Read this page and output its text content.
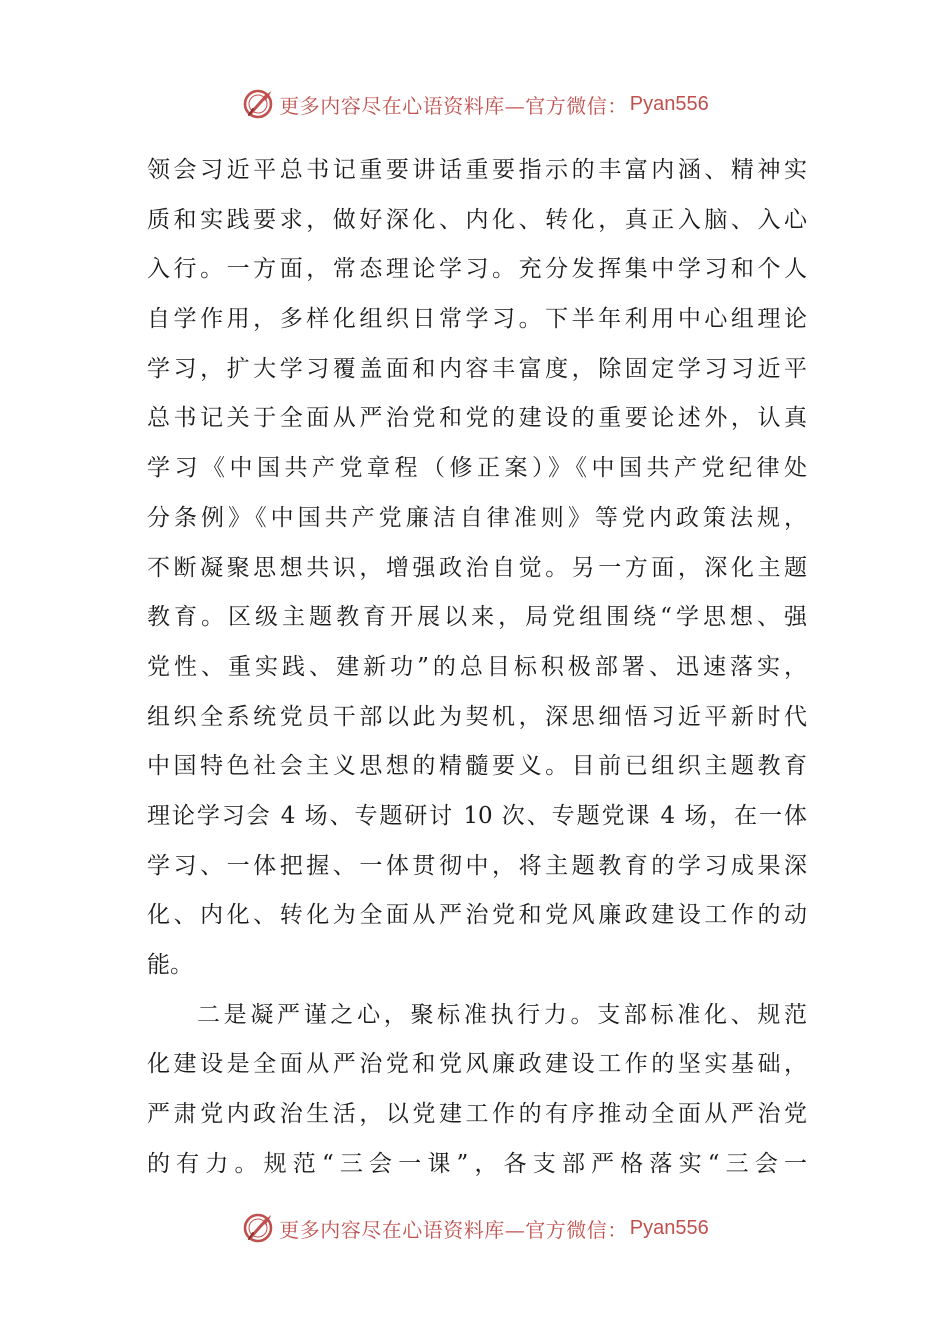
更多内容尽在心语资料库—官方微信： Pyan556
领会习近平总书记重要讲话重要指示的丰富内涵、精神实
质和实践要求，做好深化、内化、转化，真正入脑、入心
入行。一方面，常态理论学习。充分发挥集中学习和个人
自学作用，多样化组织日常学习。下半年利用中心组理论
学习，扩大学习覆盖面和内容丰富度，除固定学习习近平
总书记关于全面从严治党和党的建设的重要论述外，认真
学习《中国共产党章程（修正案）》《中国共产党纪律处
分条例》《中国共产党廉洁自律准则》等党内政策法规，
不断凝聚思想共识，增强政治自觉。另一方面，深化主题
教育。区级主题教育开展以来，局党组围绕“学思想、强
党性、重实践、建新功”的总目标积极部署、迅速落实，
组织全系统党员干部以此为契机，深思细悟习近平新时代
中国特色社会主义思想的精髓要义。目前已组织主题教育
理论学习会 4 场、专题研讨 10 次、专题党课 4 场，在一体
学习、一体把握、一体贯彻中，将主题教育的学习成果深
化、内化、转化为全面从严治党和党风廉政建设工作的动
能。
二是凝严谨之心，聚标准执行力。支部标准化、规范
化建设是全面从严治党和党风廉政建设工作的坚实基础，
严肃党内政治生活，以党建工作的有序推动全面从严治党
的有力。规范“三会一课”，各支部严格落实“三会一
更多内容尽在心语资料库—官方微信： Pyan556
